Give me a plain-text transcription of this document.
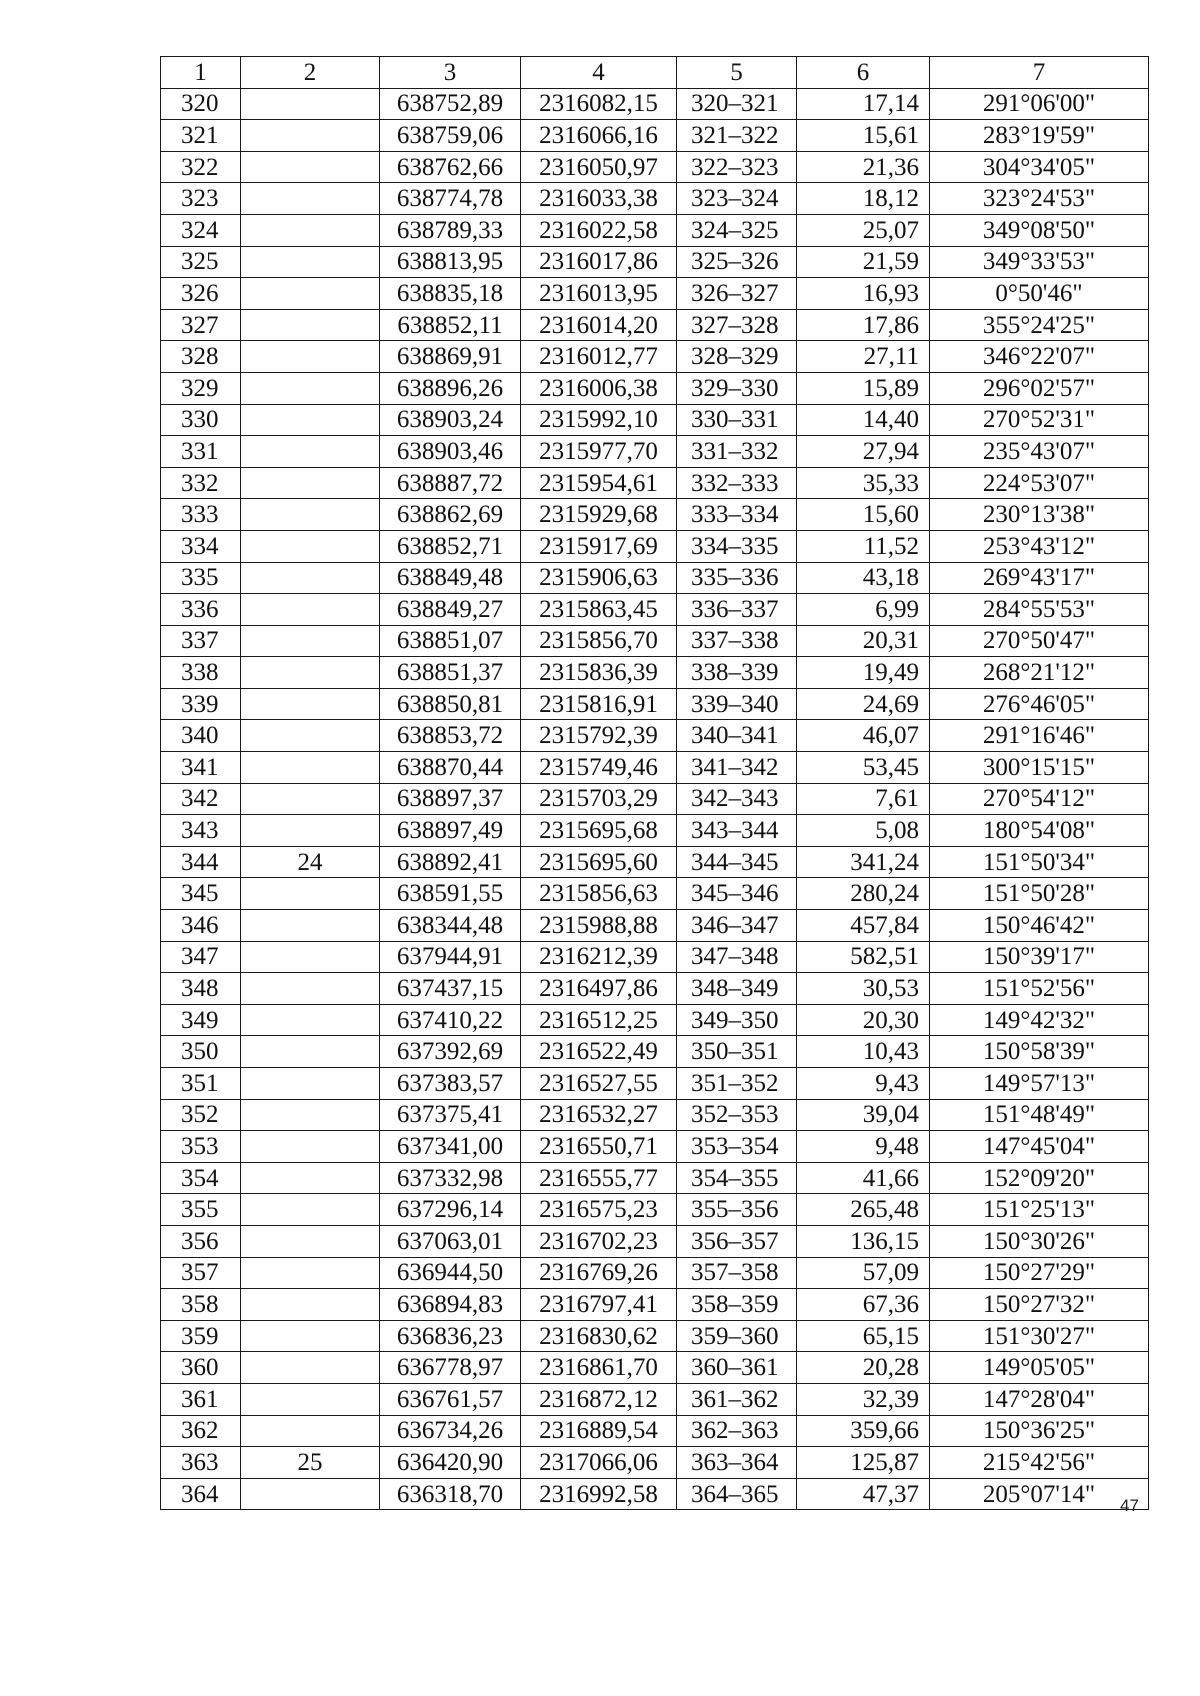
1	2	3	4	5	6	7
320		638752,89	2316082,15	320–321	17,14	291°06'00"
321		638759,06	2316066,16	321–322	15,61	283°19'59"
322		638762,66	2316050,97	322–323	21,36	304°34'05"
323		638774,78	2316033,38	323–324	18,12	323°24'53"
324		638789,33	2316022,58	324–325	25,07	349°08'50"
325		638813,95	2316017,86	325–326	21,59	349°33'53"
326		638835,18	2316013,95	326–327	16,93	0°50'46"
327		638852,11	2316014,20	327–328	17,86	355°24'25"
328		638869,91	2316012,77	328–329	27,11	346°22'07"
329		638896,26	2316006,38	329–330	15,89	296°02'57"
330		638903,24	2315992,10	330–331	14,40	270°52'31"
331		638903,46	2315977,70	331–332	27,94	235°43'07"
332		638887,72	2315954,61	332–333	35,33	224°53'07"
333		638862,69	2315929,68	333–334	15,60	230°13'38"
334		638852,71	2315917,69	334–335	11,52	253°43'12"
335		638849,48	2315906,63	335–336	43,18	269°43'17"
336		638849,27	2315863,45	336–337	6,99	284°55'53"
337		638851,07	2315856,70	337–338	20,31	270°50'47"
338		638851,37	2315836,39	338–339	19,49	268°21'12"
339		638850,81	2315816,91	339–340	24,69	276°46'05"
340		638853,72	2315792,39	340–341	46,07	291°16'46"
341		638870,44	2315749,46	341–342	53,45	300°15'15"
342		638897,37	2315703,29	342–343	7,61	270°54'12"
343		638897,49	2315695,68	343–344	5,08	180°54'08"
344	24	638892,41	2315695,60	344–345	341,24	151°50'34"
345		638591,55	2315856,63	345–346	280,24	151°50'28"
346		638344,48	2315988,88	346–347	457,84	150°46'42"
347		637944,91	2316212,39	347–348	582,51	150°39'17"
348		637437,15	2316497,86	348–349	30,53	151°52'56"
349		637410,22	2316512,25	349–350	20,30	149°42'32"
350		637392,69	2316522,49	350–351	10,43	150°58'39"
351		637383,57	2316527,55	351–352	9,43	149°57'13"
352		637375,41	2316532,27	352–353	39,04	151°48'49"
353		637341,00	2316550,71	353–354	9,48	147°45'04"
354		637332,98	2316555,77	354–355	41,66	152°09'20"
355		637296,14	2316575,23	355–356	265,48	151°25'13"
356		637063,01	2316702,23	356–357	136,15	150°30'26"
357		636944,50	2316769,26	357–358	57,09	150°27'29"
358		636894,83	2316797,41	358–359	67,36	150°27'32"
359		636836,23	2316830,62	359–360	65,15	151°30'27"
360		636778,97	2316861,70	360–361	20,28	149°05'05"
361		636761,57	2316872,12	361–362	32,39	147°28'04"
362		636734,26	2316889,54	362–363	359,66	150°36'25"
363	25	636420,90	2317066,06	363–364	125,87	215°42'56"
364		636318,70	2316992,58	364–365	47,37	205°07'14" 47
